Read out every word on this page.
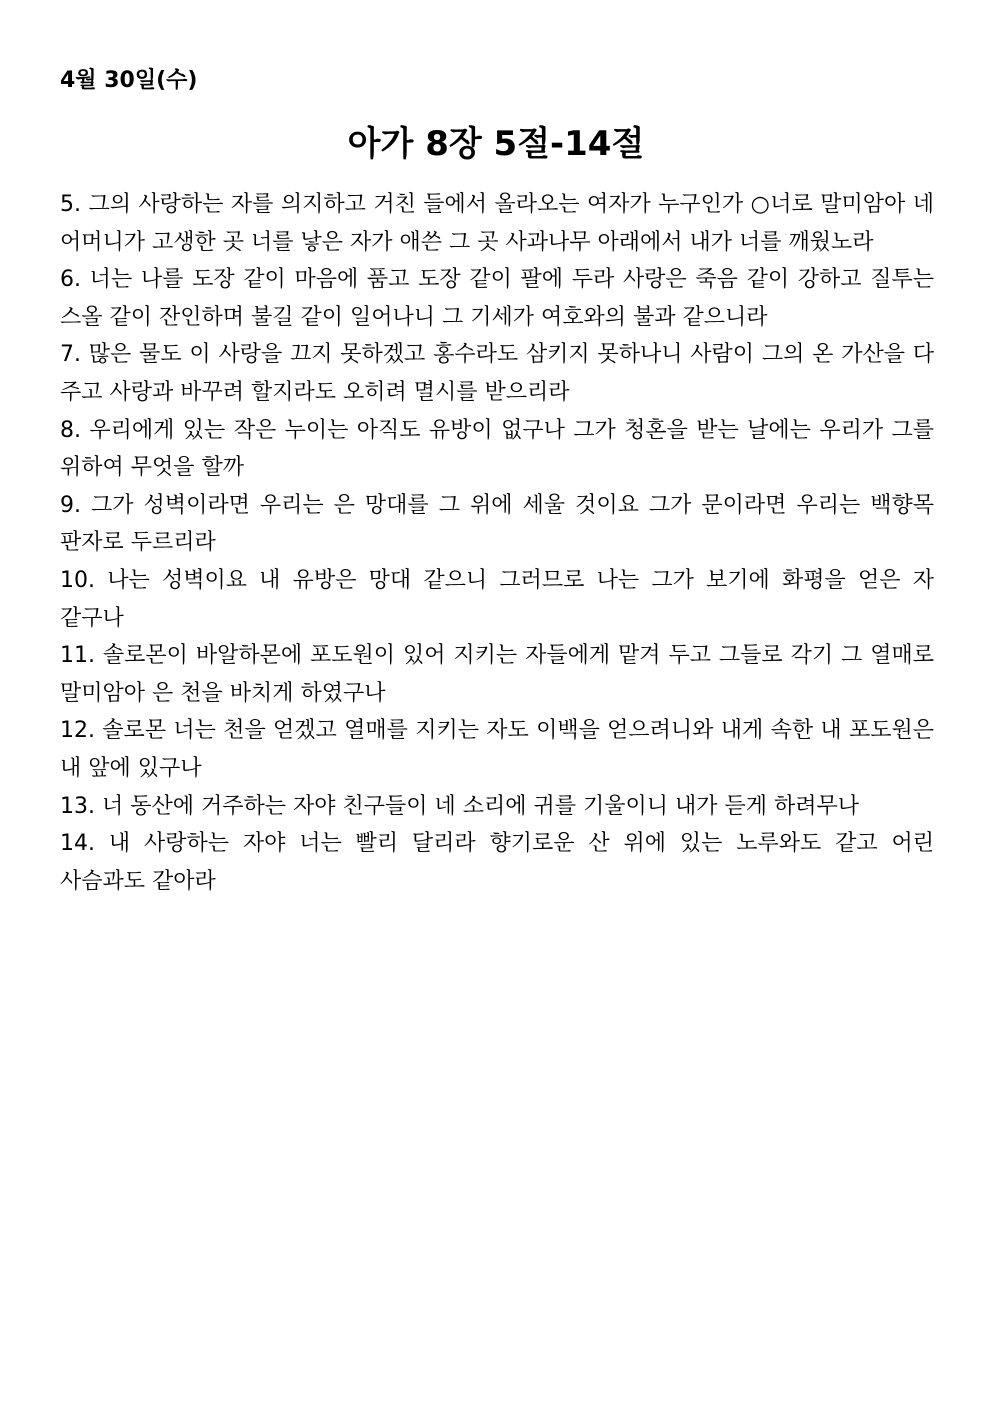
4월 30일(수)
아가 8장 5절-14절

5. 그의 사랑하는 자를 의지하고 거친 들에서 올라오는 여자가 누구인가 ○너로 말미암아 네 어머니가 고생한 곳 너를 낳은 자가 애쓴 그 곳 사과나무 아래에서 내가 너를 깨웠노라

6. 너는 나를 도장 같이 마음에 품고 도장 같이 팔에 두라 사랑은 죽음 같이 강하고 질투는 스올 같이 잔인하며 불길 같이 일어나니 그 기세가 여호와의 불과 같으니라

7. 많은 물도 이 사랑을 끄지 못하겠고 홍수라도 삼키지 못하나니 사람이 그의 온 가산을 다 주고 사랑과 바꾸려 할지라도 오히려 멸시를 받으리라

8. 우리에게 있는 작은 누이는 아직도 유방이 없구나 그가 청혼을 받는 날에는 우리가 그를 위하여 무엇을 할까

9. 그가 성벽이라면 우리는 은 망대를 그 위에 세울 것이요 그가 문이라면 우리는 백향목 판자로 두르리라

10. 나는 성벽이요 내 유방은 망대 같으니 그러므로 나는 그가 보기에 화평을 얻은 자 같구나

11. 솔로몬이 바알하몬에 포도원이 있어 지키는 자들에게 맡겨 두고 그들로 각기 그 열매로 말미암아 은 천을 바치게 하였구나

12. 솔로몬 너는 천을 얻겠고 열매를 지키는 자도 이백을 얻으려니와 내게 속한 내 포도원은 내 앞에 있구나

13. 너 동산에 거주하는 자야 친구들이 네 소리에 귀를 기울이니 내가 듣게 하려무나

14. 내 사랑하는 자야 너는 빨리 달리라 향기로운 산 위에 있는 노루와도 같고 어린 사슴과도 같아라
